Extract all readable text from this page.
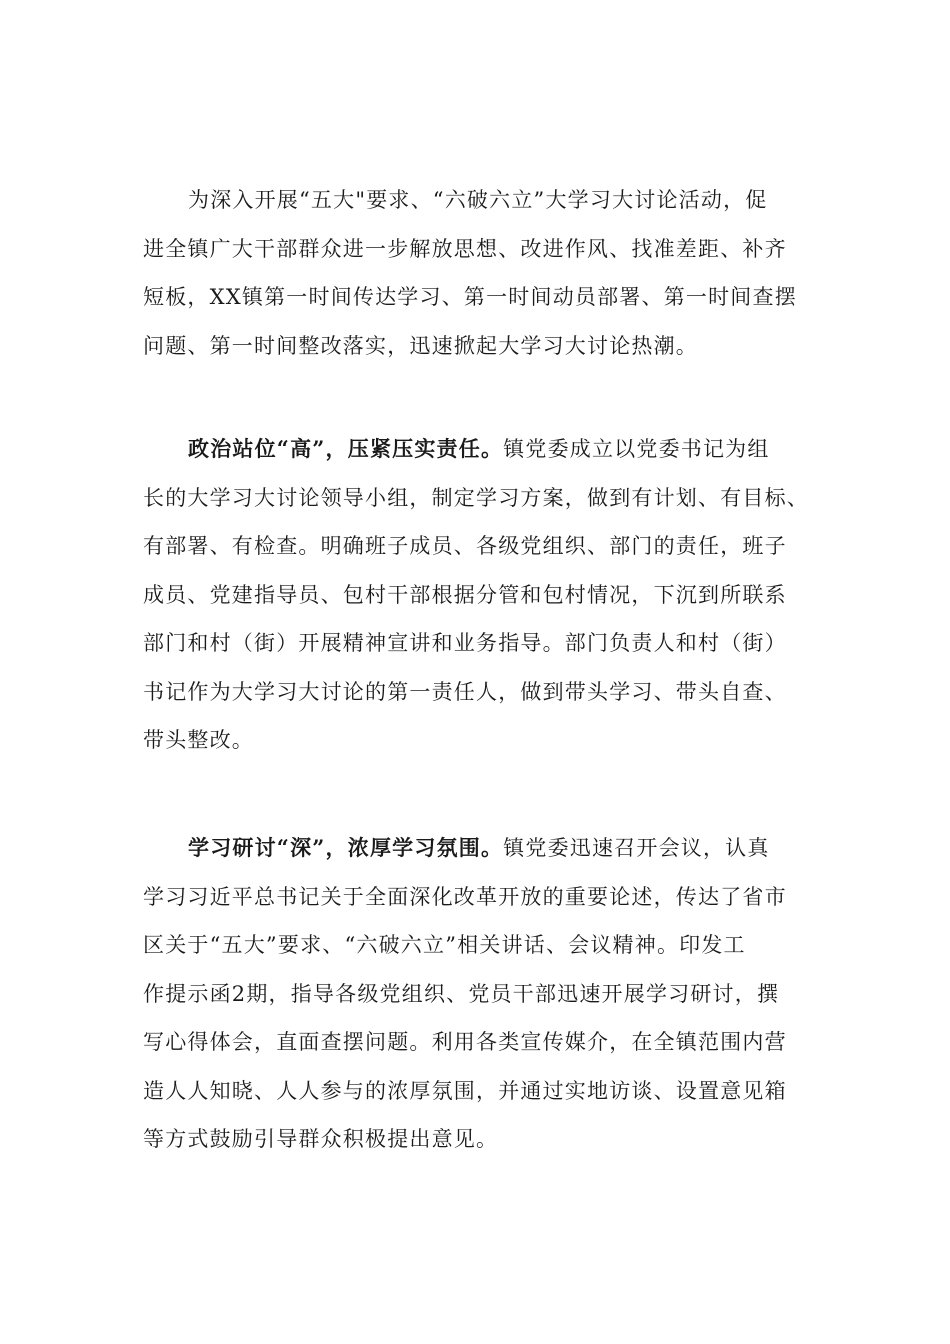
为深入开展“五大"要求、“六破六立”大学习大讨论活动，促
进全镇广大干部群众进一步解放思想、改进作风、找准差距、补齐
短板，XX镇第一时间传达学习、第一时间动员部署、第一时间查摆
问题、第一时间整改落实，迅速掀起大学习大讨论热潮。
政治站位“高”，压紧压实责任。镇党委成立以党委书记为组
长的大学习大讨论领导小组，制定学习方案，做到有计划、有目标、
有部署、有检查。明确班子成员、各级党组织、部门的责任，班子
成员、党建指导员、包村干部根据分管和包村情况，下沉到所联系
部门和村（街）开展精神宣讲和业务指导。部门负责人和村（街）
书记作为大学习大讨论的第一责任人，做到带头学习、带头自查、
带头整改。
学习研讨“深”，浓厚学习氛围。镇党委迅速召开会议，认真
学习习近平总书记关于全面深化改革开放的重要论述，传达了省市
区关于“五大”要求、“六破六立”相关讲话、会议精神。印发工
作提示函2期，指导各级党组织、党员干部迅速开展学习研讨，撰
写心得体会，直面查摆问题。利用各类宣传媒介，在全镇范围内营
造人人知晓、人人参与的浓厚氛围，并通过实地访谈、设置意见箱
等方式鼓励引导群众积极提出意见。
